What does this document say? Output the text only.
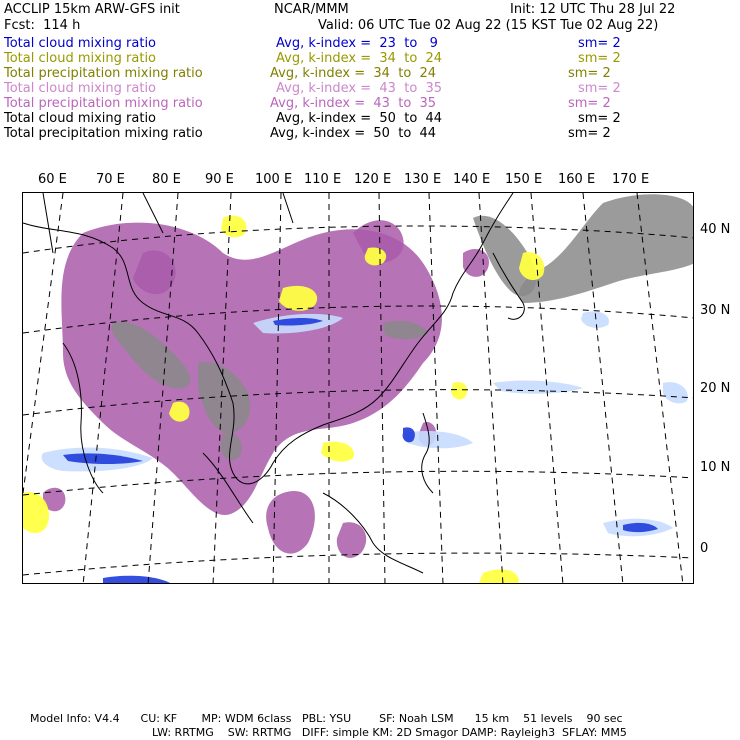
ACCLIP 15km ARW-GFS init	NCAR/MMM	Init: 12 UTC Thu 28 Jul 22
Fcst:  114 h	Valid: 06 UTC Tue 02 Aug 22 (15 KST Tue 02 Aug 22)
Total cloud mixing ratio	Avg, k-index =  23  to   9	sm= 2
Total cloud mixing ratio	Avg, k-index =  34  to  24	sm= 2
Total precipitation mixing ratio	Avg, k-index =  34  to  24	sm= 2
Total cloud mixing ratio	Avg, k-index =  43  to  35	sm= 2
Total precipitation mixing ratio	Avg, k-index =  43  to  35	sm= 2
Total cloud mixing ratio	Avg, k-index =  50  to  44	sm= 2
Total precipitation mixing ratio	Avg, k-index =  50  to  44	sm= 2
60 E 70 E 80 E 90 E 100 E 110 E 120 E 130 E 140 E 150 E 160 E 170 E
40 N
30 N
20 N
10 N
0
Model Info: V4.4      CU: KF       MP: WDM 6class   PBL: YSU        SF: Noah LSM      15 km    51 levels    90 sec
LW: RRTMG    SW: RRTMG   DIFF: simple KM: 2D Smagor DAMP: Rayleigh3  SFLAY: MM5
